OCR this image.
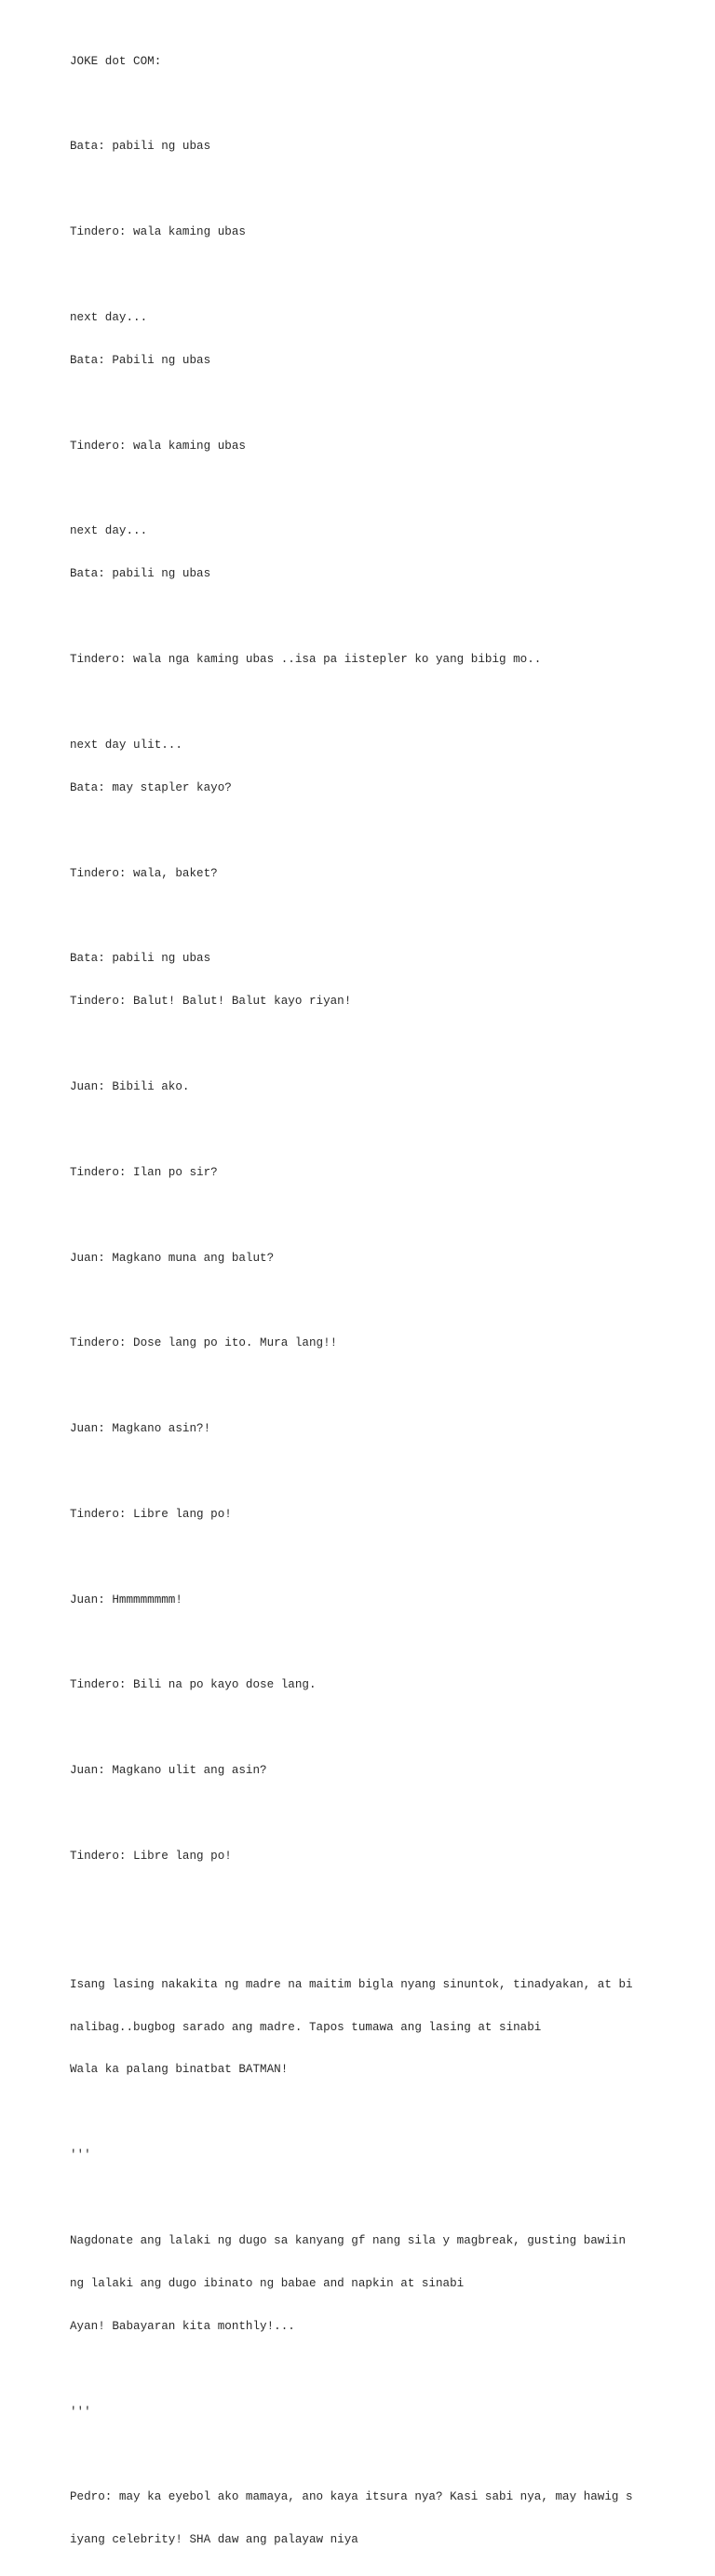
JOKE dot COM:

Bata: pabili ng ubas

Tindero: wala kaming ubas

next day...

Bata: Pabili ng ubas

Tindero: wala kaming ubas

next day...

Bata: pabili ng ubas

Tindero: wala nga kaming ubas ..isa pa iistepler ko yang bibig mo..

next day ulit...

Bata: may stapler kayo?

Tindero: wala, baket?

Bata: pabili ng ubas

Tindero: Balut! Balut! Balut kayo riyan!

Juan: Bibili ako.

Tindero: Ilan po sir?

Juan: Magkano muna ang balut?

Tindero: Dose lang po ito. Mura lang!!

Juan: Magkano asin?!

Tindero: Libre lang po!

Juan: Hmmmmmmmm!

Tindero: Bili na po kayo dose lang.

Juan: Magkano ulit ang asin?

Tindero: Libre lang po!

Isang lasing nakakita ng madre na maitim bigla nyang sinuntok, tinadyakan, at bi

nalibag..bugbog sarado ang madre. Tapos tumawa ang lasing at sinabi

Wala ka palang binatbat BATMAN!

'''

Nagdonate ang lalaki ng dugo sa kanyang gf nang sila y magbreak, gusting bawiin

ng lalaki ang dugo ibinato ng babae and napkin at sinabi

Ayan! Babayaran kita monthly!...

'''

Pedro: may ka eyebol ako mamaya, ano kaya itsura nya? Kasi sabi nya, may hawig s

iyang celebrity! SHA daw ang palayaw niya
